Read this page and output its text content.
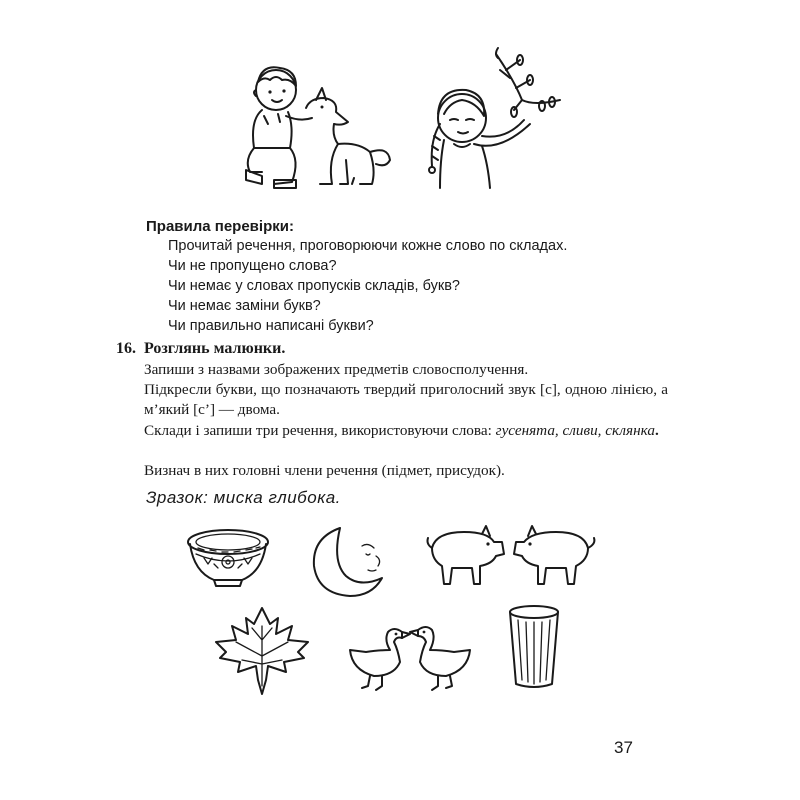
Правила перевірки:
Прочитай речення, проговорюючи кожне слово по складах.
Чи не пропущено слова?
Чи немає у словах пропусків складів, букв?
Чи немає заміни букв?
Чи правильно написані букви?
16. Розглянь малюнки.
Запиши з назвами зображених предметів словосполучення.
Підкресли букви, що позначають твердий приголосний звук [с], одною лінією, а м’який [с’] — двома.
Склади і запиши три речення, використовуючи слова: гусенята, сливи, склянка.
Визнач в них головні члени речення (підмет, присудок).
Зразок: миска глибока.
37
